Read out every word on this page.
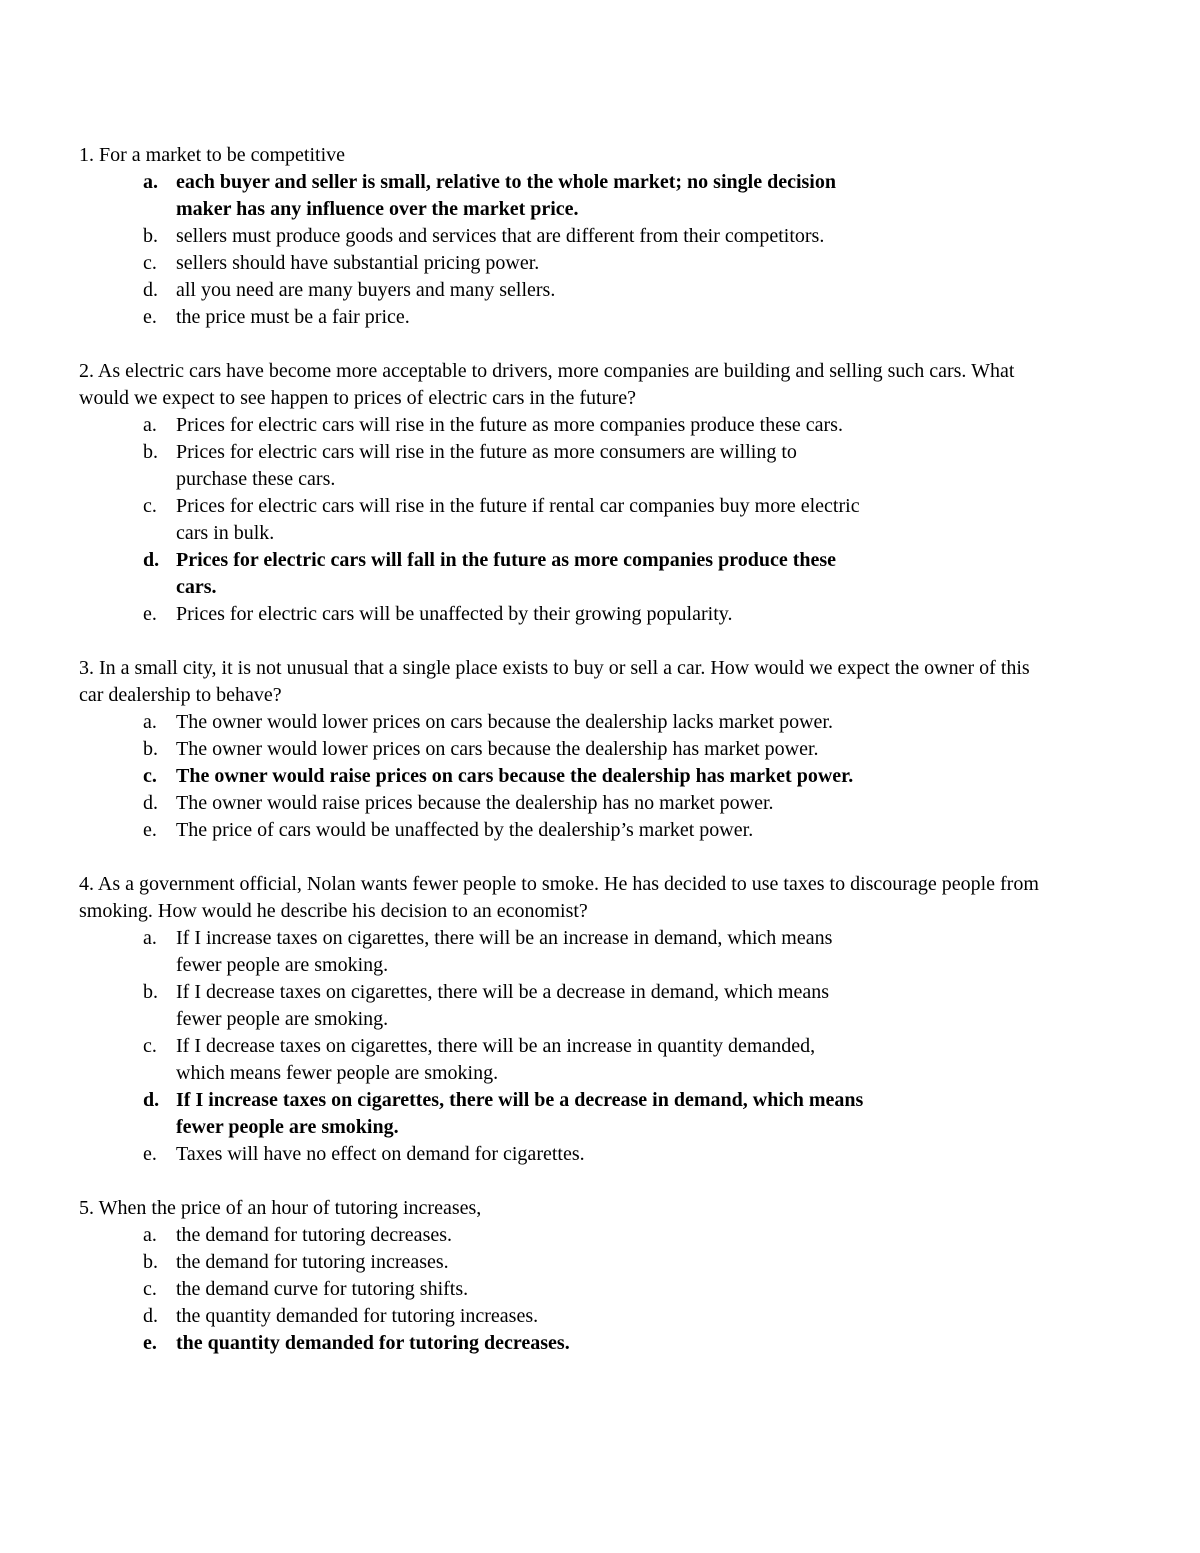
1. For a market to be competitive

a. each buyer and seller is small, relative to the whole market; no single decision maker has any influence over the market price.
b. sellers must produce goods and services that are different from their competitors.
c. sellers should have substantial pricing power.
d. all you need are many buyers and many sellers.
e. the price must be a fair price.

2. As electric cars have become more acceptable to drivers, more companies are building and selling such cars. What would we expect to see happen to prices of electric cars in the future?

a. Prices for electric cars will rise in the future as more companies produce these cars.
b. Prices for electric cars will rise in the future as more consumers are willing to purchase these cars.
c. Prices for electric cars will rise in the future if rental car companies buy more electric cars in bulk.
d. Prices for electric cars will fall in the future as more companies produce these cars.
e. Prices for electric cars will be unaffected by their growing popularity.

3. In a small city, it is not unusual that a single place exists to buy or sell a car. How would we expect the owner of this car dealership to behave?

a. The owner would lower prices on cars because the dealership lacks market power.
b. The owner would lower prices on cars because the dealership has market power.
c. The owner would raise prices on cars because the dealership has market power.
d. The owner would raise prices because the dealership has no market power.
e. The price of cars would be unaffected by the dealership’s market power.

4. As a government official, Nolan wants fewer people to smoke. He has decided to use taxes to discourage people from smoking. How would he describe his decision to an economist?

a. If I increase taxes on cigarettes, there will be an increase in demand, which means fewer people are smoking.
b. If I decrease taxes on cigarettes, there will be a decrease in demand, which means fewer people are smoking.
c. If I decrease taxes on cigarettes, there will be an increase in quantity demanded, which means fewer people are smoking.
d. If I increase taxes on cigarettes, there will be a decrease in demand, which means fewer people are smoking.
e. Taxes will have no effect on demand for cigarettes.

5. When the price of an hour of tutoring increases,

a. the demand for tutoring decreases.
b. the demand for tutoring increases.
c. the demand curve for tutoring shifts.
d. the quantity demanded for tutoring increases.
e. the quantity demanded for tutoring decreases.
